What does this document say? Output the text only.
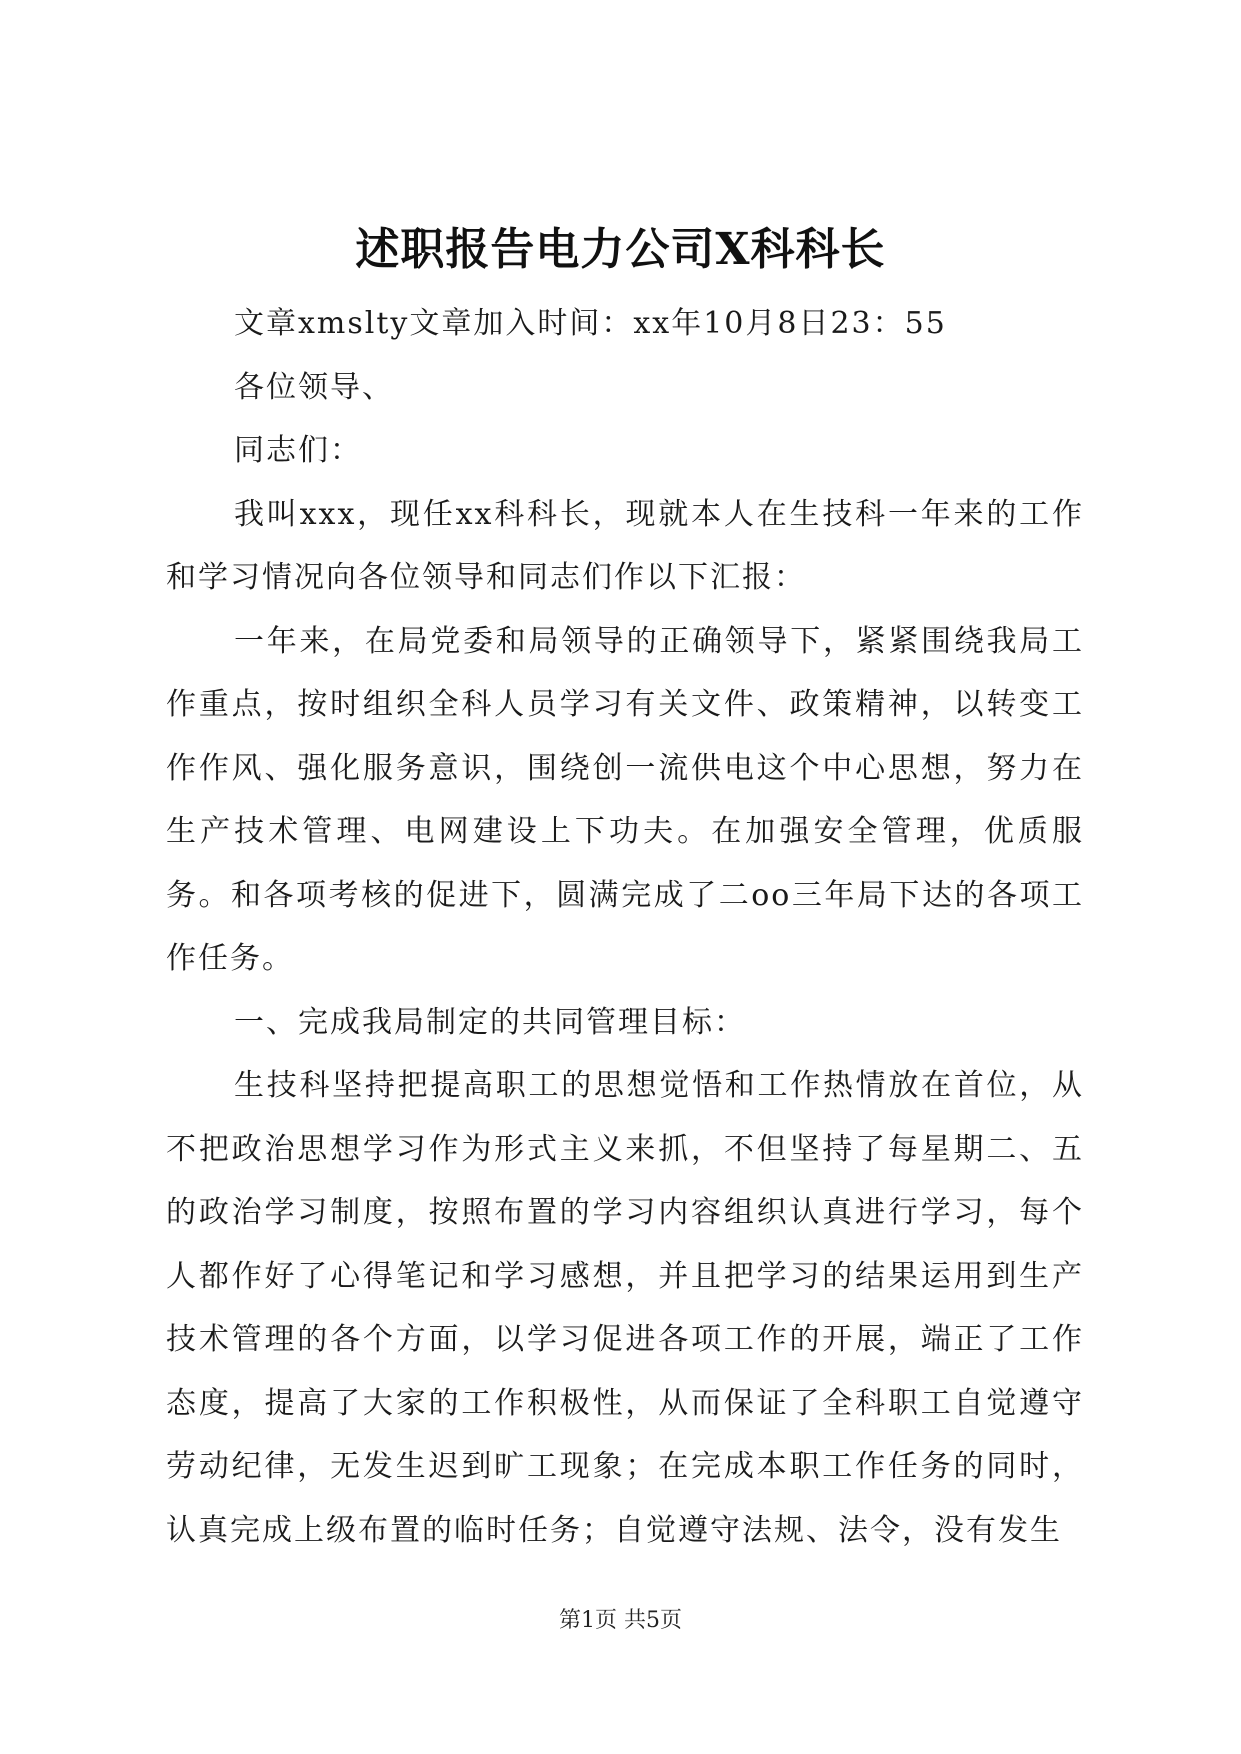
述职报告电力公司X科科长

文章xmslty文章加入时间：xx年10月8日23：55

各位领导、

同志们：

我叫xxx，现任xx科科长，现就本人在生技科一年来的工作和学习情况向各位领导和同志们作以下汇报：

一年来，在局党委和局领导的正确领导下，紧紧围绕我局工作重点，按时组织全科人员学习有关文件、政策精神，以转变工作作风、强化服务意识，围绕创一流供电这个中心思想，努力在生产技术管理、电网建设上下功夫。在加强安全管理，优质服务。和各项考核的促进下，圆满完成了二oo三年局下达的各项工作任务。

一、完成我局制定的共同管理目标：

生技科坚持把提高职工的思想觉悟和工作热情放在首位，从不把政治思想学习作为形式主义来抓，不但坚持了每星期二、五的政治学习制度，按照布置的学习内容组织认真进行学习，每个人都作好了心得笔记和学习感想，并且把学习的结果运用到生产技术管理的各个方面，以学习促进各项工作的开展，端正了工作态度，提高了大家的工作积极性，从而保证了全科职工自觉遵守劳动纪律，无发生迟到旷工现象；在完成本职工作任务的同时，认真完成上级布置的临时任务；自觉遵守法规、法令，没有发生

第1页 共5页
